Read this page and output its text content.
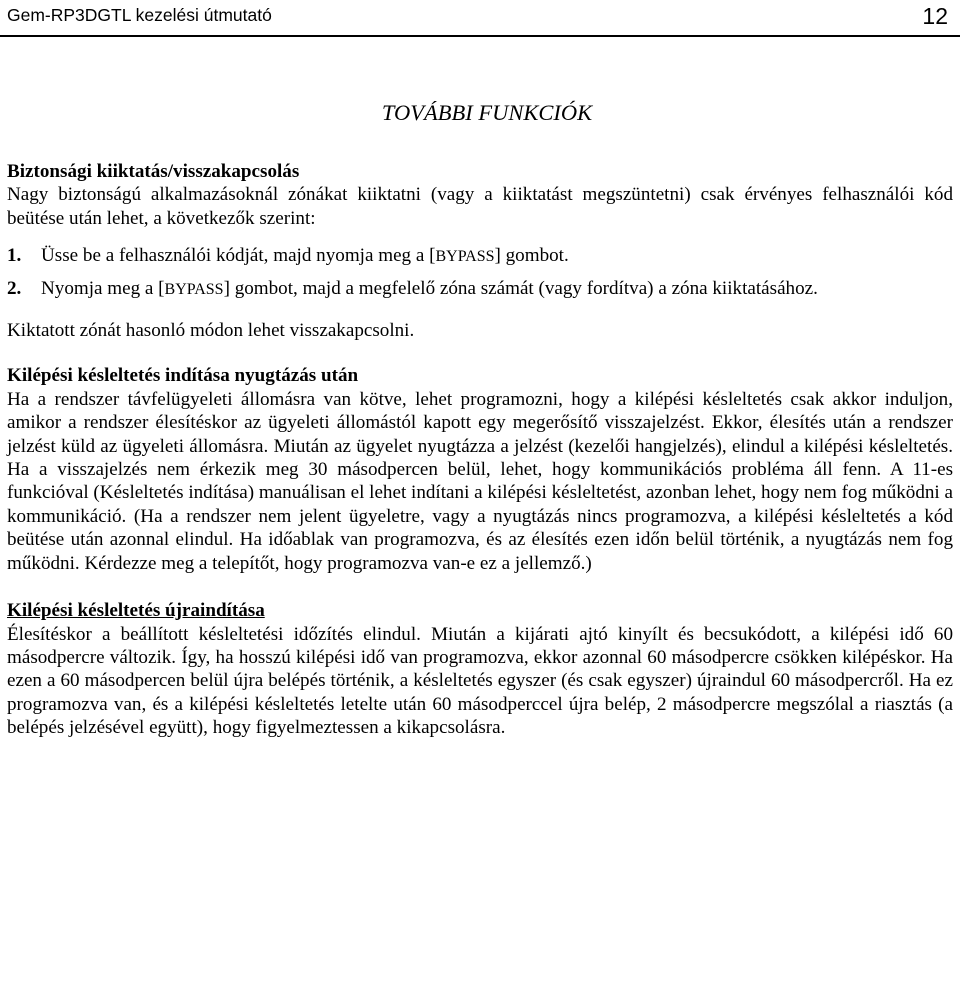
Gem-RP3DGTL kezelési útmutató	12
TOVÁBBI FUNKCIÓK
Biztonsági kiiktatás/visszakapcsolás

Nagy biztonságú alkalmazásoknál zónákat kiiktatni (vagy a kiiktatást megszüntetni) csak érvényes felhasználói kód beütése után lehet, a következők szerint:

1. Üsse be a felhasználói kódját, majd nyomja meg a [BYPASS] gombot.
2. Nyomja meg a [BYPASS] gombot, majd a megfelelő zóna számát (vagy fordítva) a zóna kiiktatásához.

Kiktatott zónát hasonló módon lehet visszakapcsolni.

Kilépési késleltetés indítása nyugtázás után

Ha a rendszer távfelügyeleti állomásra van kötve, lehet programozni, hogy a kilépési késleltetés csak akkor induljon, amikor a rendszer élesítéskor az ügyeleti állomástól kapott egy megerősítő visszajelzést. Ekkor, élesítés után a rendszer jelzést küld az ügyeleti állomásra. Miután az ügyelet nyugtázza a jelzést (kezelői hangjelzés), elindul a kilépési késleltetés. Ha a visszajelzés nem érkezik meg 30 másodpercen belül, lehet, hogy kommunikációs probléma áll fenn. A 11-es funkcióval (Késleltetés indítása) manuálisan el lehet indítani a kilépési késleltetést, azonban lehet, hogy nem fog működni a kommunikáció. (Ha a rendszer nem jelent ügyeletre, vagy a nyugtázás nincs programozva, a kilépési késleltetés a kód beütése után azonnal elindul. Ha időablak van programozva, és az élesítés ezen időn belül történik, a nyugtázás nem fog működni. Kérdezze meg a telepítőt, hogy programozva van-e ez a jellemző.)

Kilépési késleltetés újraindítása

Élesítéskor a beállított késleltetési időzítés elindul. Miután a kijárati ajtó kinyílt és becsukódott, a kilépési idő 60 másodpercre változik. Így, ha hosszú kilépési idő van programozva, ekkor azonnal 60 másodpercre csökken kilépéskor. Ha ezen a 60 másodpercen belül újra belépés történik, a késleltetés egyszer (és csak egyszer) újraindul 60 másodpercről. Ha ez programozva van, és a kilépési késleltetés letelte után 60 másodperccel újra belép, 2 másodpercre megszólal a riasztás (a belépés jelzésével együtt), hogy figyelmeztessen a kikapcsolásra.
